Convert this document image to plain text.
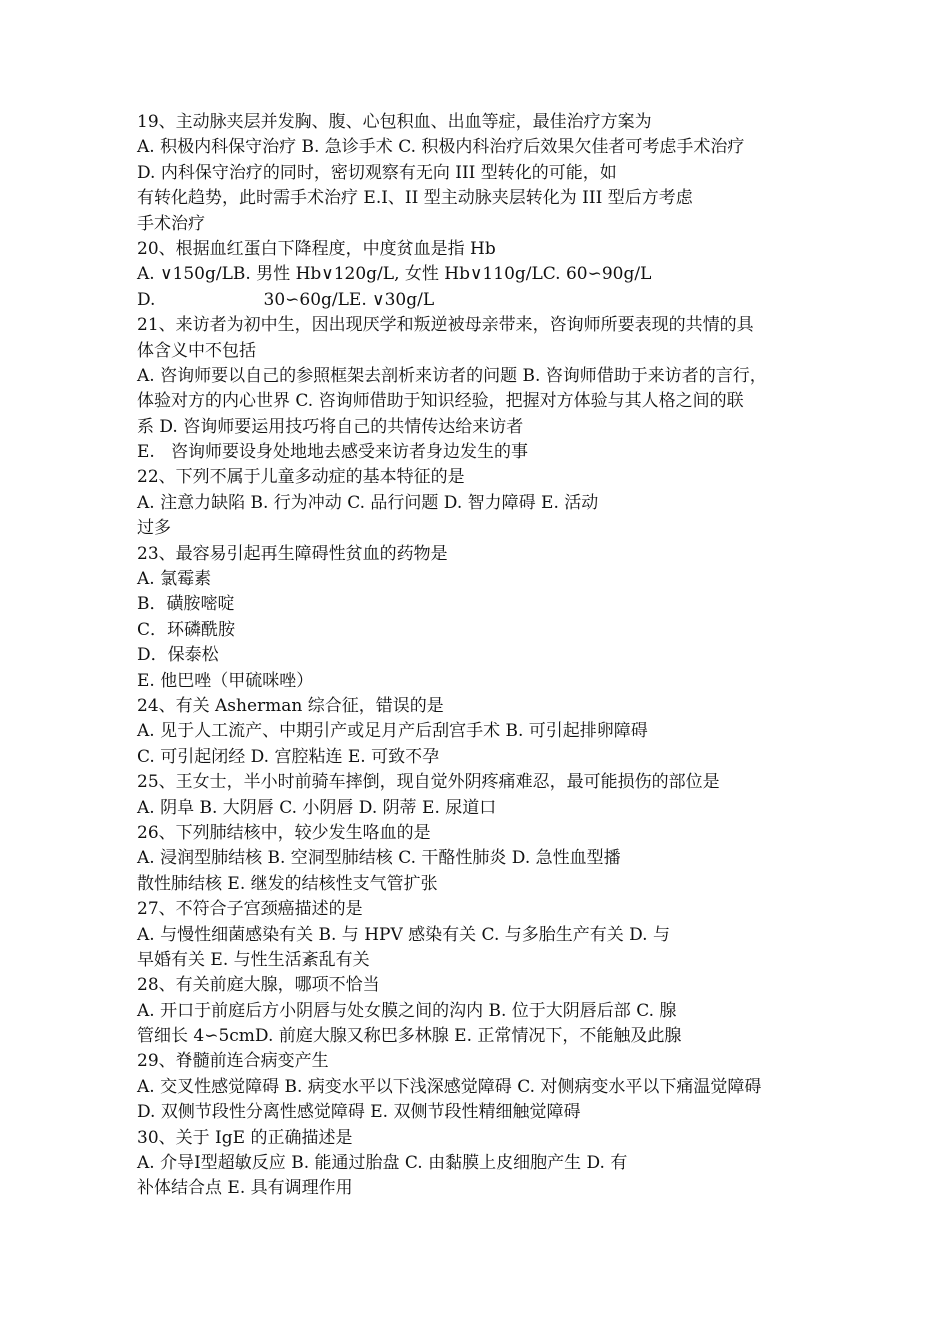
19、主动脉夹层并发胸、腹、心包积血、出血等症，最佳治疗方案为
A. 积极内科保守治疗 B. 急诊手术 C. 积极内科治疗后效果欠佳者可考虑手术治疗
D. 内科保守治疗的同时，密切观察有无向 III 型转化的可能，如
有转化趋势，此时需手术治疗 E.I、II 型主动脉夹层转化为 III 型后方考虑
手术治疗
20、根据血红蛋白下降程度，中度贫血是指 Hb
A. ∨150g/LB. 男性 Hb∨120g/L, 女性 Hb∨110g/LC. 60∽90g/L
D.                    30∽60g/LE. ∨30g/L
21、来访者为初中生，因出现厌学和叛逆被母亲带来，咨询师所要表现的共情的具
体含义中不包括
A. 咨询师要以自己的参照框架去剖析来访者的问题 B. 咨询师借助于来访者的言行，
体验对方的内心世界 C. 咨询师借助于知识经验，把握对方体验与其人格之间的联
系 D. 咨询师要运用技巧将自己的共情传达给来访者
E.   咨询师要设身处地地去感受来访者身边发生的事
22、下列不属于儿童多动症的基本特征的是
A. 注意力缺陷 B. 行为冲动 C. 品行问题 D. 智力障碍 E. 活动
过多
23、最容易引起再生障碍性贫血的药物是
A. 氯霉素
B．磺胺嘧啶
C．环磷酰胺
D．保泰松
E. 他巴唑（甲硫咪唑）
24、有关 Asherman 综合征，错误的是
A. 见于人工流产、中期引产或足月产后刮宫手术 B. 可引起排卵障碍
C. 可引起闭经 D. 宫腔粘连 E. 可致不孕
25、王女士，半小时前骑车摔倒，现自觉外阴疼痛难忍，最可能损伤的部位是
A. 阴阜 B. 大阴唇 C. 小阴唇 D. 阴蒂 E. 尿道口
26、下列肺结核中，较少发生咯血的是
A. 浸润型肺结核 B. 空洞型肺结核 C. 干酪性肺炎 D. 急性血型播
散性肺结核 E. 继发的结核性支气管扩张
27、不符合子宫颈癌描述的是
A. 与慢性细菌感染有关 B. 与 HPV 感染有关 C. 与多胎生产有关 D. 与
早婚有关 E. 与性生活紊乱有关
28、有关前庭大腺，哪项不恰当
A. 开口于前庭后方小阴唇与处女膜之间的沟内 B. 位于大阴唇后部 C. 腺
管细长 4∽5cmD. 前庭大腺又称巴多林腺 E. 正常情况下，不能触及此腺
29、脊髓前连合病变产生
A. 交叉性感觉障碍 B. 病变水平以下浅深感觉障碍 C. 对侧病变水平以下痛温觉障碍
D. 双侧节段性分离性感觉障碍 E. 双侧节段性精细触觉障碍
30、关于 IgE 的正确描述是
A. 介导Ⅰ型超敏反应 B. 能通过胎盘 C. 由黏膜上皮细胞产生 D. 有
补体结合点 E. 具有调理作用
